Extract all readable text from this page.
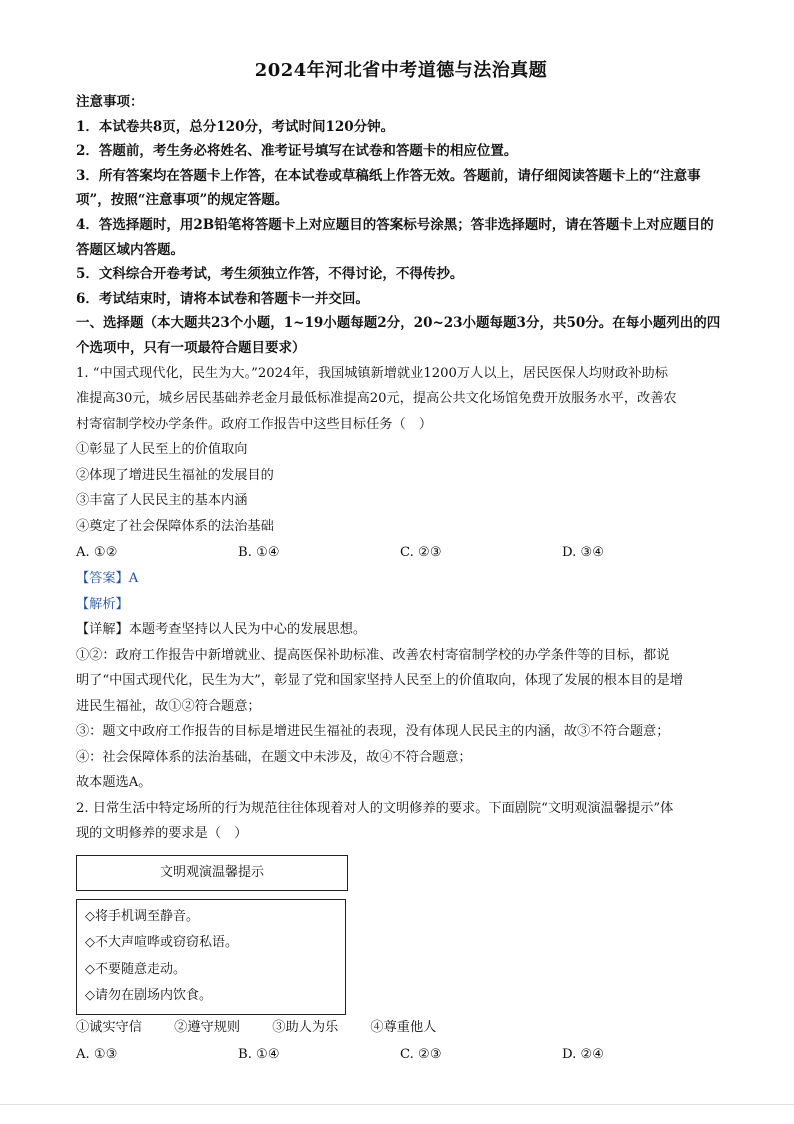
2024年河北省中考道德与法治真题

注意事项：

1．本试卷共8页，总分120分，考试时间120分钟。

2．答题前，考生务必将姓名、准考证号填写在试卷和答题卡的相应位置。

3．所有答案均在答题卡上作答，在本试卷或草稿纸上作答无效。答题前，请仔细阅读答题卡上的“注意事项”，按照“注意事项”的规定答题。

4．答选择题时，用2B铅笔将答题卡上对应题目的答案标号涂黑；答非选择题时，请在答题卡上对应题目的答题区域内答题。

5．文科综合开卷考试，考生须独立作答，不得讨论，不得传抄。

6．考试结束时，请将本试卷和答题卡一并交回。

一、选择题（本大题共23个小题，1~19小题每题2分，20~23小题每题3分，共50分。在每小题列出的四个选项中，只有一项最符合题目要求）

1. “中国式现代化，民生为大。”2024年，我国城镇新增就业1200万人以上，居民医保人均财政补助标

准提高30元，城乡居民基础养老金月最低标准提高20元，提高公共文化场馆免费开放服务水平，改善农

村寄宿制学校办学条件。政府工作报告中这些目标任务（　）

①彰显了人民至上的价值取向

②体现了增进民生福祉的发展目的

③丰富了人民民主的基本内涵

④奠定了社会保障体系的法治基础

A. ①②	B. ①④	C. ②③	D. ③④

【答案】A

【解析】

【详解】本题考查坚持以人民为中心的发展思想。

①②：政府工作报告中新增就业、提高医保补助标准、改善农村寄宿制学校的办学条件等的目标，都说

明了“中国式现代化，民生为大”，彰显了党和国家坚持人民至上的价值取向，体现了发展的根本目的是增

进民生福祉，故①②符合题意；

③：题文中政府工作报告的目标是增进民生福祉的表现，没有体现人民民主的内涵，故③不符合题意；

④：社会保障体系的法治基础，在题文中未涉及，故④不符合题意；

故本题选A。

2. 日常生活中特定场所的行为规范往往体现着对人的文明修养的要求。下面剧院“文明观演温馨提示”体

现的文明修养的要求是（　）

文明观演温馨提示
◇将手机调至静音。
◇不大声喧哗或窃窃私语。
◇不要随意走动。
◇请勿在剧场内饮食。
①诚实守信 ②遵守规则 ③助人为乐 ④尊重他人
A. ①③	B. ①④	C. ②③	D. ②④
